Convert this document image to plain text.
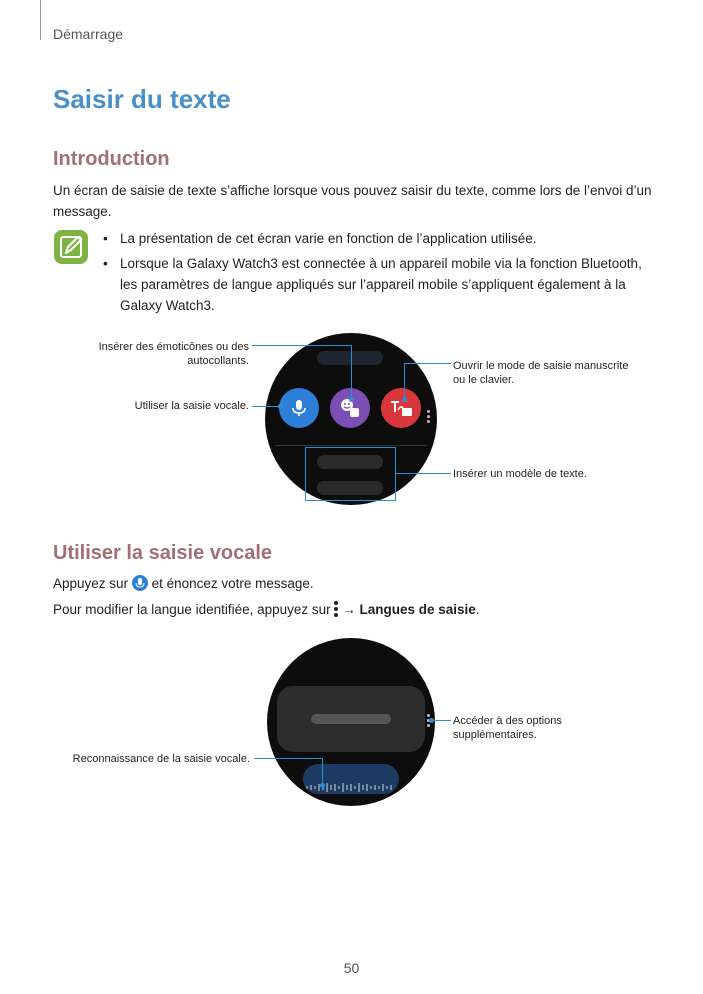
Démarrage
Saisir du texte
Introduction
Un écran de saisie de texte s’affiche lorsque vous pouvez saisir du texte, comme lors de l’envoi d’un message.
• La présentation de cet écran varie en fonction de l’application utilisée.
• Lorsque la Galaxy Watch3 est connectée à un appareil mobile via la fonction Bluetooth, les paramètres de langue appliqués sur l’appareil mobile s’appliquent également à la Galaxy Watch3.
Insérer des émoticônes ou des autocollants.
Utiliser la saisie vocale.
Ouvrir le mode de saisie manuscrite ou le clavier.
Insérer un modèle de texte.
Utiliser la saisie vocale
Appuyez sur et énoncez votre message.
Pour modifier la langue identifiée, appuyez sur → Langues de saisie.
Accéder à des options supplémentaires.
Reconnaissance de la saisie vocale.
50
